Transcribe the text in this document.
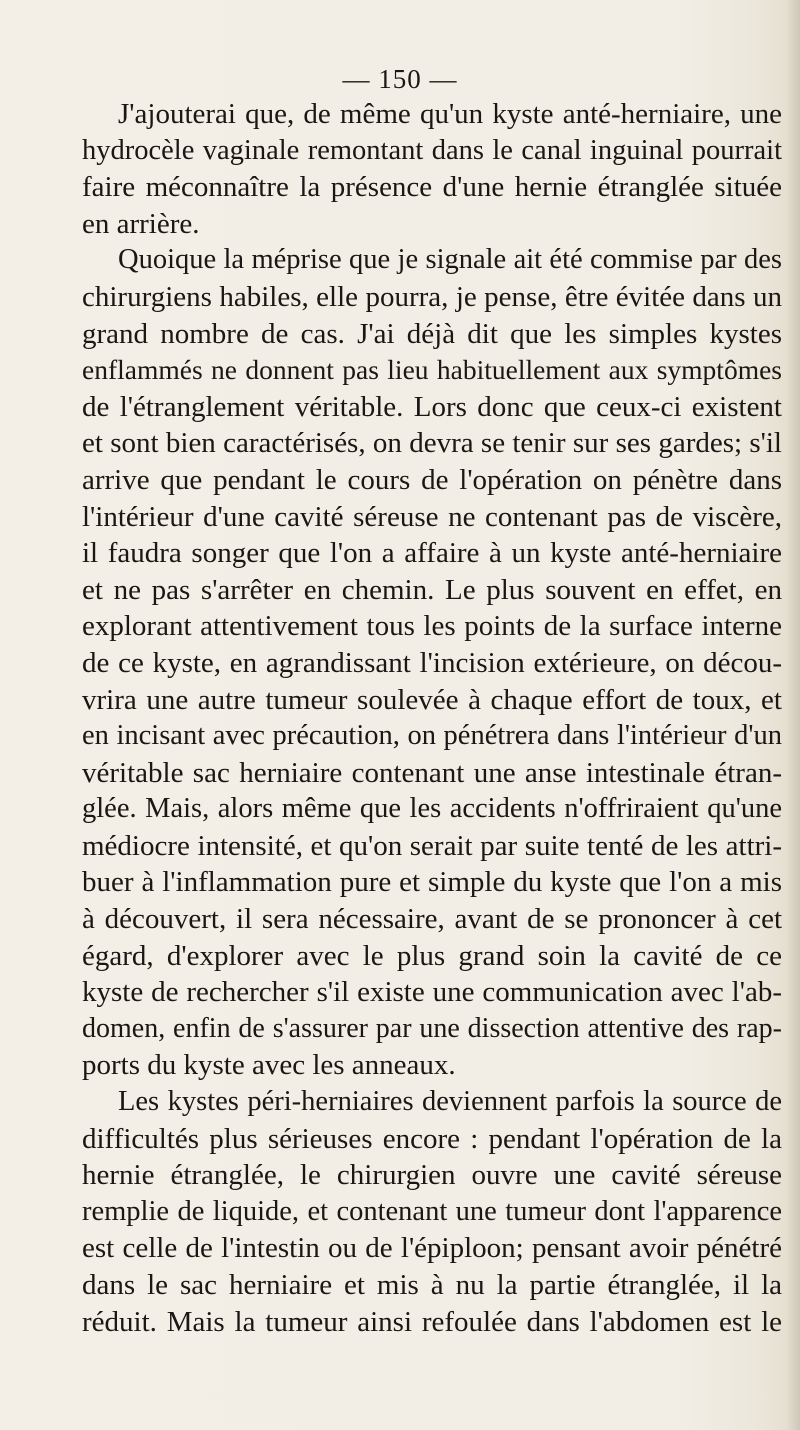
— 150 —
J'ajouterai que, de même qu'un kyste anté-herniaire, une
hydrocèle vaginale remontant dans le canal inguinal pourrait
faire méconnaître la présence d'une hernie étranglée située
en arrière.
Quoique la méprise que je signale ait été commise par des
chirurgiens habiles, elle pourra, je pense, être évitée dans un
grand nombre de cas. J'ai déjà dit que les simples kystes
enflammés ne donnent pas lieu habituellement aux symptômes
de l'étranglement véritable. Lors donc que ceux-ci existent
et sont bien caractérisés, on devra se tenir sur ses gardes; s'il
arrive que pendant le cours de l'opération on pénètre dans
l'intérieur d'une cavité séreuse ne contenant pas de viscère,
il faudra songer que l'on a affaire à un kyste anté-herniaire
et ne pas s'arrêter en chemin. Le plus souvent en effet, en
explorant attentivement tous les points de la surface interne
de ce kyste, en agrandissant l'incision extérieure, on décou-
vrira une autre tumeur soulevée à chaque effort de toux, et
en incisant avec précaution, on pénétrera dans l'intérieur d'un
véritable sac herniaire contenant une anse intestinale étran-
glée. Mais, alors même que les accidents n'offriraient qu'une
médiocre intensité, et qu'on serait par suite tenté de les attri-
buer à l'inflammation pure et simple du kyste que l'on a mis
à découvert, il sera nécessaire, avant de se prononcer à cet
égard, d'explorer avec le plus grand soin la cavité de ce
kyste de rechercher s'il existe une communication avec l'ab-
domen, enfin de s'assurer par une dissection attentive des rap-
ports du kyste avec les anneaux.
Les kystes péri-herniaires deviennent parfois la source de
difficultés plus sérieuses encore : pendant l'opération de la
hernie étranglée, le chirurgien ouvre une cavité séreuse
remplie de liquide, et contenant une tumeur dont l'apparence
est celle de l'intestin ou de l'épiploon; pensant avoir pénétré
dans le sac herniaire et mis à nu la partie étranglée, il la
réduit. Mais la tumeur ainsi refoulée dans l'abdomen est le
